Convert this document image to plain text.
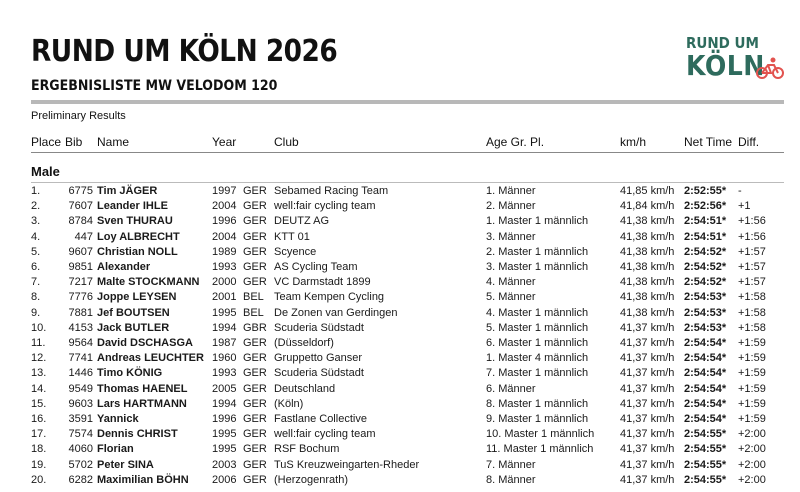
RUND UM KÖLN 2026
ERGEBNISLISTE MW VELODOM 120
RUND UM
KÖLN
Preliminary Results
Place Bib Name	Year	Club	Age Gr. Pl.	km/h	Net Time Diff.
Male
1.	6775 Tim JÄGER	1997 GER Sebamed Racing Team	1. Männer	41,85 km/h 2:52:55* -
2.	7607 Leander IHLE	2004 GER well:fair cycling team	2. Männer	41,84 km/h 2:52:56* +1
3.	8784 Sven THURAU	1996 GER DEUTZ AG	1. Master 1 männlich	41,38 km/h 2:54:51* +1:56
4.	447 Loy ALBRECHT	2004 GER KTT 01	3. Männer	41,38 km/h 2:54:51* +1:56
5.	9607 Christian NOLL	1989 GER Scyence	2. Master 1 männlich	41,38 km/h 2:54:52* +1:57
6.	9851 Alexander	1993 GER AS Cycling Team	3. Master 1 männlich	41,38 km/h 2:54:52* +1:57
7.	7217 Malte STOCKMANN 2000 GER VC Darmstadt 1899	4. Männer	41,38 km/h 2:54:52* +1:57
8.	7776 Joppe LEYSEN	2001 BEL Team Kempen Cycling	5. Männer	41,38 km/h 2:54:53* +1:58
9.	7881 Jef BOUTSEN	1995 BEL De Zonen van Gerdingen	4. Master 1 männlich	41,38 km/h 2:54:53* +1:58
10. 4153 Jack BUTLER	1994 GBR Scuderia Südstadt	5. Master 1 männlich	41,37 km/h 2:54:53* +1:58
11. 9564 David DSCHASGA 1987 GER (Düsseldorf)	6. Master 1 männlich	41,37 km/h 2:54:54* +1:59
12. 7741 Andreas LEUCHTER 1960 GER Gruppetto Ganser	1. Master 4 männlich	41,37 km/h 2:54:54* +1:59
13. 1446 Timo KÖNIG	1993 GER Scuderia Südstadt	7. Master 1 männlich	41,37 km/h 2:54:54* +1:59
14. 9549 Thomas HAENEL 2005 GER Deutschland	6. Männer	41,37 km/h 2:54:54* +1:59
15. 9603 Lars HARTMANN 1994 GER (Köln)	8. Master 1 männlich	41,37 km/h 2:54:54* +1:59
16. 3591 Yannick	1996 GER Fastlane Collective	9. Master 1 männlich	41,37 km/h 2:54:54* +1:59
17. 7574 Dennis CHRIST	1995 GER well:fair cycling team	10. Master 1 männlich 41,37 km/h 2:54:55* +2:00
18. 4060 Florian	1995 GER RSF Bochum	11. Master 1 männlich 41,37 km/h 2:54:55* +2:00
19. 5702 Peter SINA	2003 GER TuS Kreuzweingarten-Rheder	7. Männer	41,37 km/h 2:54:55* +2:00
20. 6282 Maximilian BÖHN 2006 GER (Herzogenrath)	8. Männer	41,37 km/h 2:54:55* +2:00
